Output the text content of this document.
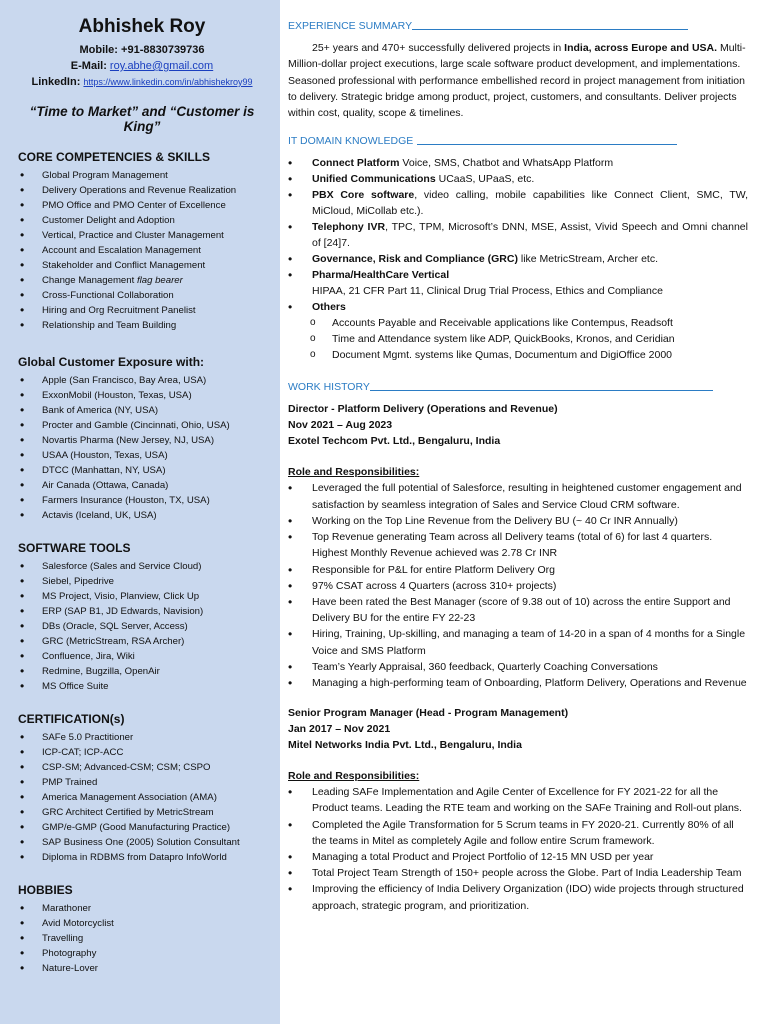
Abhishek Roy
Mobile: +91-8830739736
E-Mail: roy.abhe@gmail.com
LinkedIn: https://www.linkedin.com/in/abhishekroy99
“Time to Market” and “Customer is King”
CORE COMPETENCIES & SKILLS
• Global Program Management
• Delivery Operations and Revenue Realization
• PMO Office and PMO Center of Excellence
• Customer Delight and Adoption
• Vertical, Practice and Cluster Management
• Account and Escalation Management
• Stakeholder and Conflict Management
• Change Management flag bearer
• Cross-Functional Collaboration
• Hiring and Org Recruitment Panelist
• Relationship and Team Building
Global Customer Exposure with:
• Apple (San Francisco, Bay Area, USA)
• ExxonMobil (Houston, Texas, USA)
• Bank of America (NY, USA)
• Procter and Gamble (Cincinnati, Ohio, USA)
• Novartis Pharma (New Jersey, NJ, USA)
• USAA (Houston, Texas, USA)
• DTCC (Manhattan, NY, USA)
• Air Canada (Ottawa, Canada)
• Farmers Insurance (Houston, TX, USA)
• Actavis (Iceland, UK, USA)
SOFTWARE TOOLS
• Salesforce (Sales and Service Cloud)
• Siebel, Pipedrive
• MS Project, Visio, Planview, Click Up
• ERP (SAP B1, JD Edwards, Navision)
• DBs (Oracle, SQL Server, Access)
• GRC (MetricStream, RSA Archer)
• Confluence, Jira, Wiki
• Redmine, Bugzilla, OpenAir
• MS Office Suite
CERTIFICATION(s)
• SAFe 5.0 Practitioner
• ICP-CAT; ICP-ACC
• CSP-SM; Advanced-CSM; CSM; CSPO
• PMP Trained
• America Management Association (AMA)
• GRC Architect Certified by MetricStream
• GMP/e-GMP (Good Manufacturing Practice)
• SAP Business One (2005) Solution Consultant
• Diploma in RDBMS from Datapro InfoWorld
HOBBIES
• Marathoner
• Avid Motorcyclist
• Travelling
• Photography
• Nature-Lover
EXPERIENCE SUMMARY

25+ years and 470+ successfully delivered projects in India, across Europe and USA. Multi-Million-dollar project executions, large scale software product development, and implementations. Seasoned professional with performance embellished record in project management from initiation to delivery. Strategic bridge among product, project, customers, and consultants. Deliver projects within cost, quality, scope & timelines.

IT DOMAIN KNOWLEDGE
• Connect Platform Voice, SMS, Chatbot and WhatsApp Platform
• Unified Communications UCaaS, UPaaS, etc.
• PBX Core software, video calling, mobile capabilities like Connect Client, SMC, TW, MiCloud, MiCollab etc.).
• Telephony IVR, TPC, TPM, Microsoft’s DNN, MSE, Assist, Vivid Speech and Omni channel of [24]7.
• Governance, Risk and Compliance (GRC) like MetricStream, Archer etc.
• Pharma/HealthCare Vertical
HIPAA, 21 CFR Part 11, Clinical Drug Trial Process, Ethics and Compliance
• Others
o Accounts Payable and Receivable applications like Contempus, Readsoft
o Time and Attendance system like ADP, QuickBooks, Kronos, and Ceridian
o Document Mgmt. systems like Qumas, Documentum and DigiOffice 2000
WORK HISTORY
Director - Platform Delivery (Operations and Revenue)
Nov 2021 – Aug 2023
Exotel Techcom Pvt. Ltd., Bengaluru, India
Role and Responsibilities:
• Leveraged the full potential of Salesforce, resulting in heightened customer engagement and satisfaction by seamless integration of Sales and Service Cloud CRM software.
• Working on the Top Line Revenue from the Delivery BU (~ 40 Cr INR Annually)
• Top Revenue generating Team across all Delivery teams (total of 6) for last 4 quarters. Highest Monthly Revenue achieved was 2.78 Cr INR
• Responsible for P&L for entire Platform Delivery Org
• 97% CSAT across 4 Quarters (across 310+ projects)
• Have been rated the Best Manager (score of 9.38 out of 10) across the entire Support and Delivery BU for the entire FY 22-23
• Hiring, Training, Up-skilling, and managing a team of 14-20 in a span of 4 months for a Single Voice and SMS Platform
• Team’s Yearly Appraisal, 360 feedback, Quarterly Coaching Conversations
• Managing a high-performing team of Onboarding, Platform Delivery, Operations and Revenue
Senior Program Manager (Head - Program Management)
Jan 2017 – Nov 2021
Mitel Networks India Pvt. Ltd., Bengaluru, India
Role and Responsibilities:
• Leading SAFe Implementation and Agile Center of Excellence for FY 2021-22 for all the Product teams. Leading the RTE team and working on the SAFe Training and Roll-out plans.
• Completed the Agile Transformation for 5 Scrum teams in FY 2020-21. Currently 80% of all the teams in Mitel as completely Agile and follow entire Scrum framework.
• Managing a total Product and Project Portfolio of 12-15 MN USD per year
• Total Project Team Strength of 150+ people across the Globe. Part of India Leadership Team
• Improving the efficiency of India Delivery Organization (IDO) wide projects through structured approach, strategic program, and prioritization.
